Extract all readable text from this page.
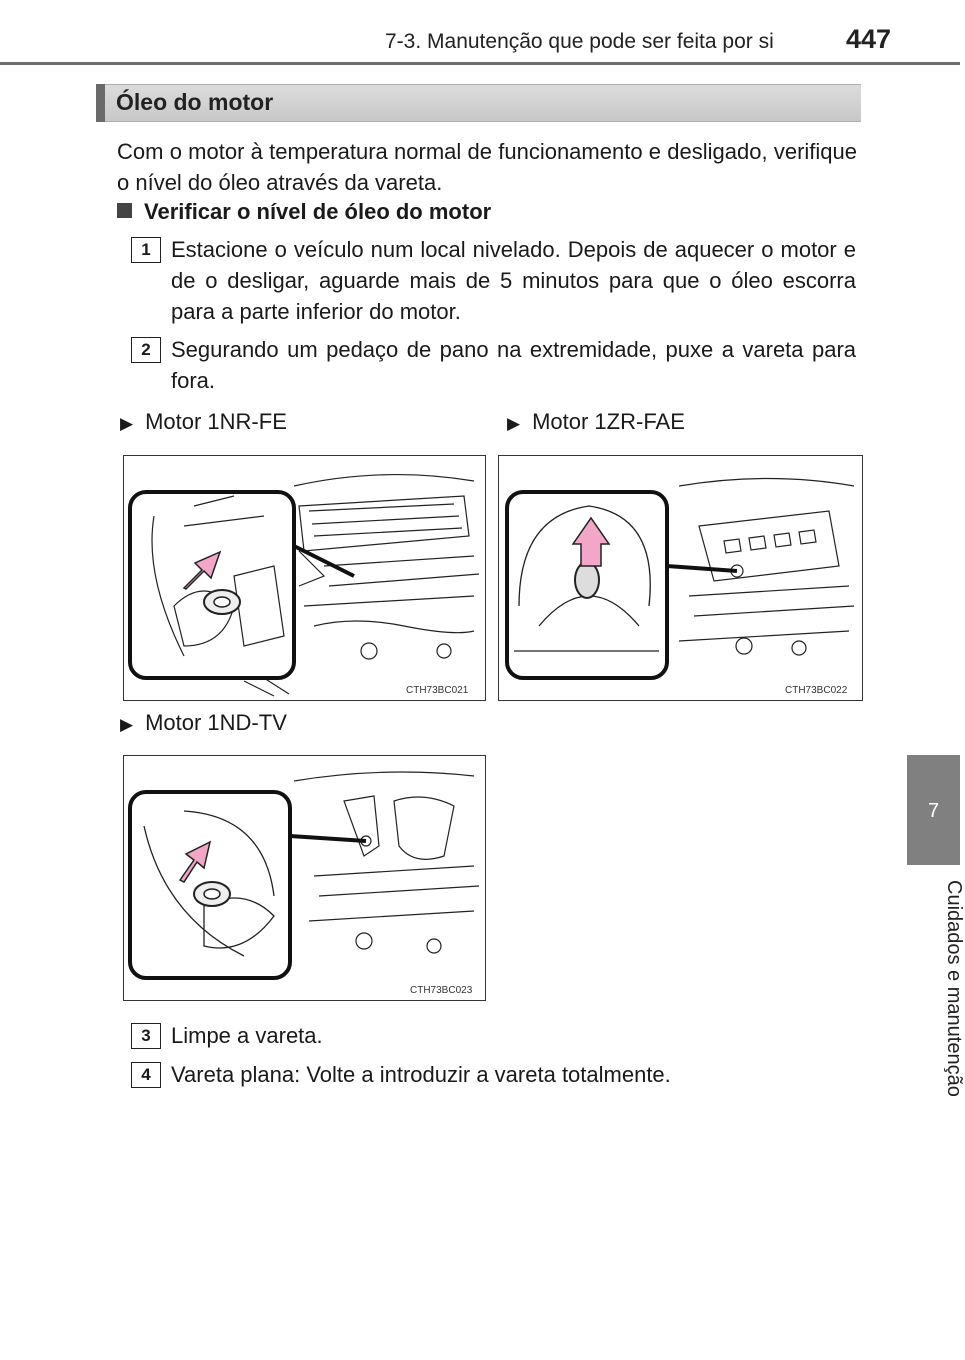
7-3. Manutenção que pode ser feita por si	447
7
Cuidados e manutenção
Óleo do motor
Com o motor à temperatura normal de funcionamento e desligado, verifique o nível do óleo através da vareta.
Verificar o nível de óleo do motor
1 Estacione o veículo num local nivelado. Depois de aquecer o motor e de o desligar, aguarde mais de 5 minutos para que o óleo escorra para a parte inferior do motor.
2 Segurando um pedaço de pano na extremidade, puxe a vareta para fora.
▶ Motor 1NR-FE	▶ Motor 1ZR-FAE
CTH73BC021	CTH73BC022
▶ Motor 1ND-TV
CTH73BC023
3 Limpe a vareta.
4 Vareta plana: Volte a introduzir a vareta totalmente.
